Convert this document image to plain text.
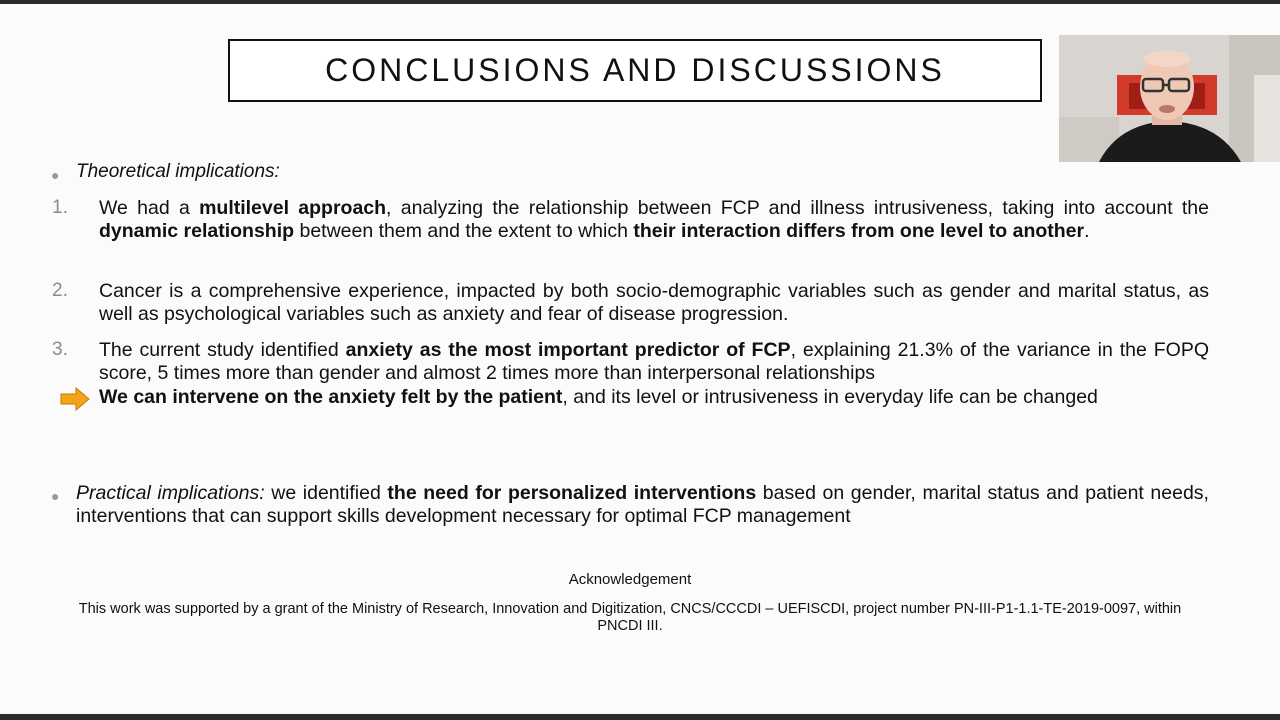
CONCLUSIONS AND DISCUSSIONS
● Theoretical implications:
1. We had a multilevel approach, analyzing the relationship between FCP and illness intrusiveness, taking into account the dynamic relationship between them and the extent to which their interaction differs from one level to another.
2. Cancer is a comprehensive experience, impacted by both socio-demographic variables such as gender and marital status, as well as psychological variables such as anxiety and fear of disease progression.
3. The current study identified anxiety as the most important predictor of FCP, explaining 21.3% of the variance in the FOPQ score, 5 times more than gender and almost 2 times more than interpersonal relationships
We can intervene on the anxiety felt by the patient, and its level or intrusiveness in everyday life can be changed
● Practical implications: we identified the need for personalized interventions based on gender, marital status and patient needs, interventions that can support skills development necessary for optimal FCP management
Acknowledgement
This work was supported by a grant of the Ministry of Research, Innovation and Digitization, CNCS/CCCDI – UEFISCDI, project number PN-III-P1-1.1-TE-2019-0097, within PNCDI III.
